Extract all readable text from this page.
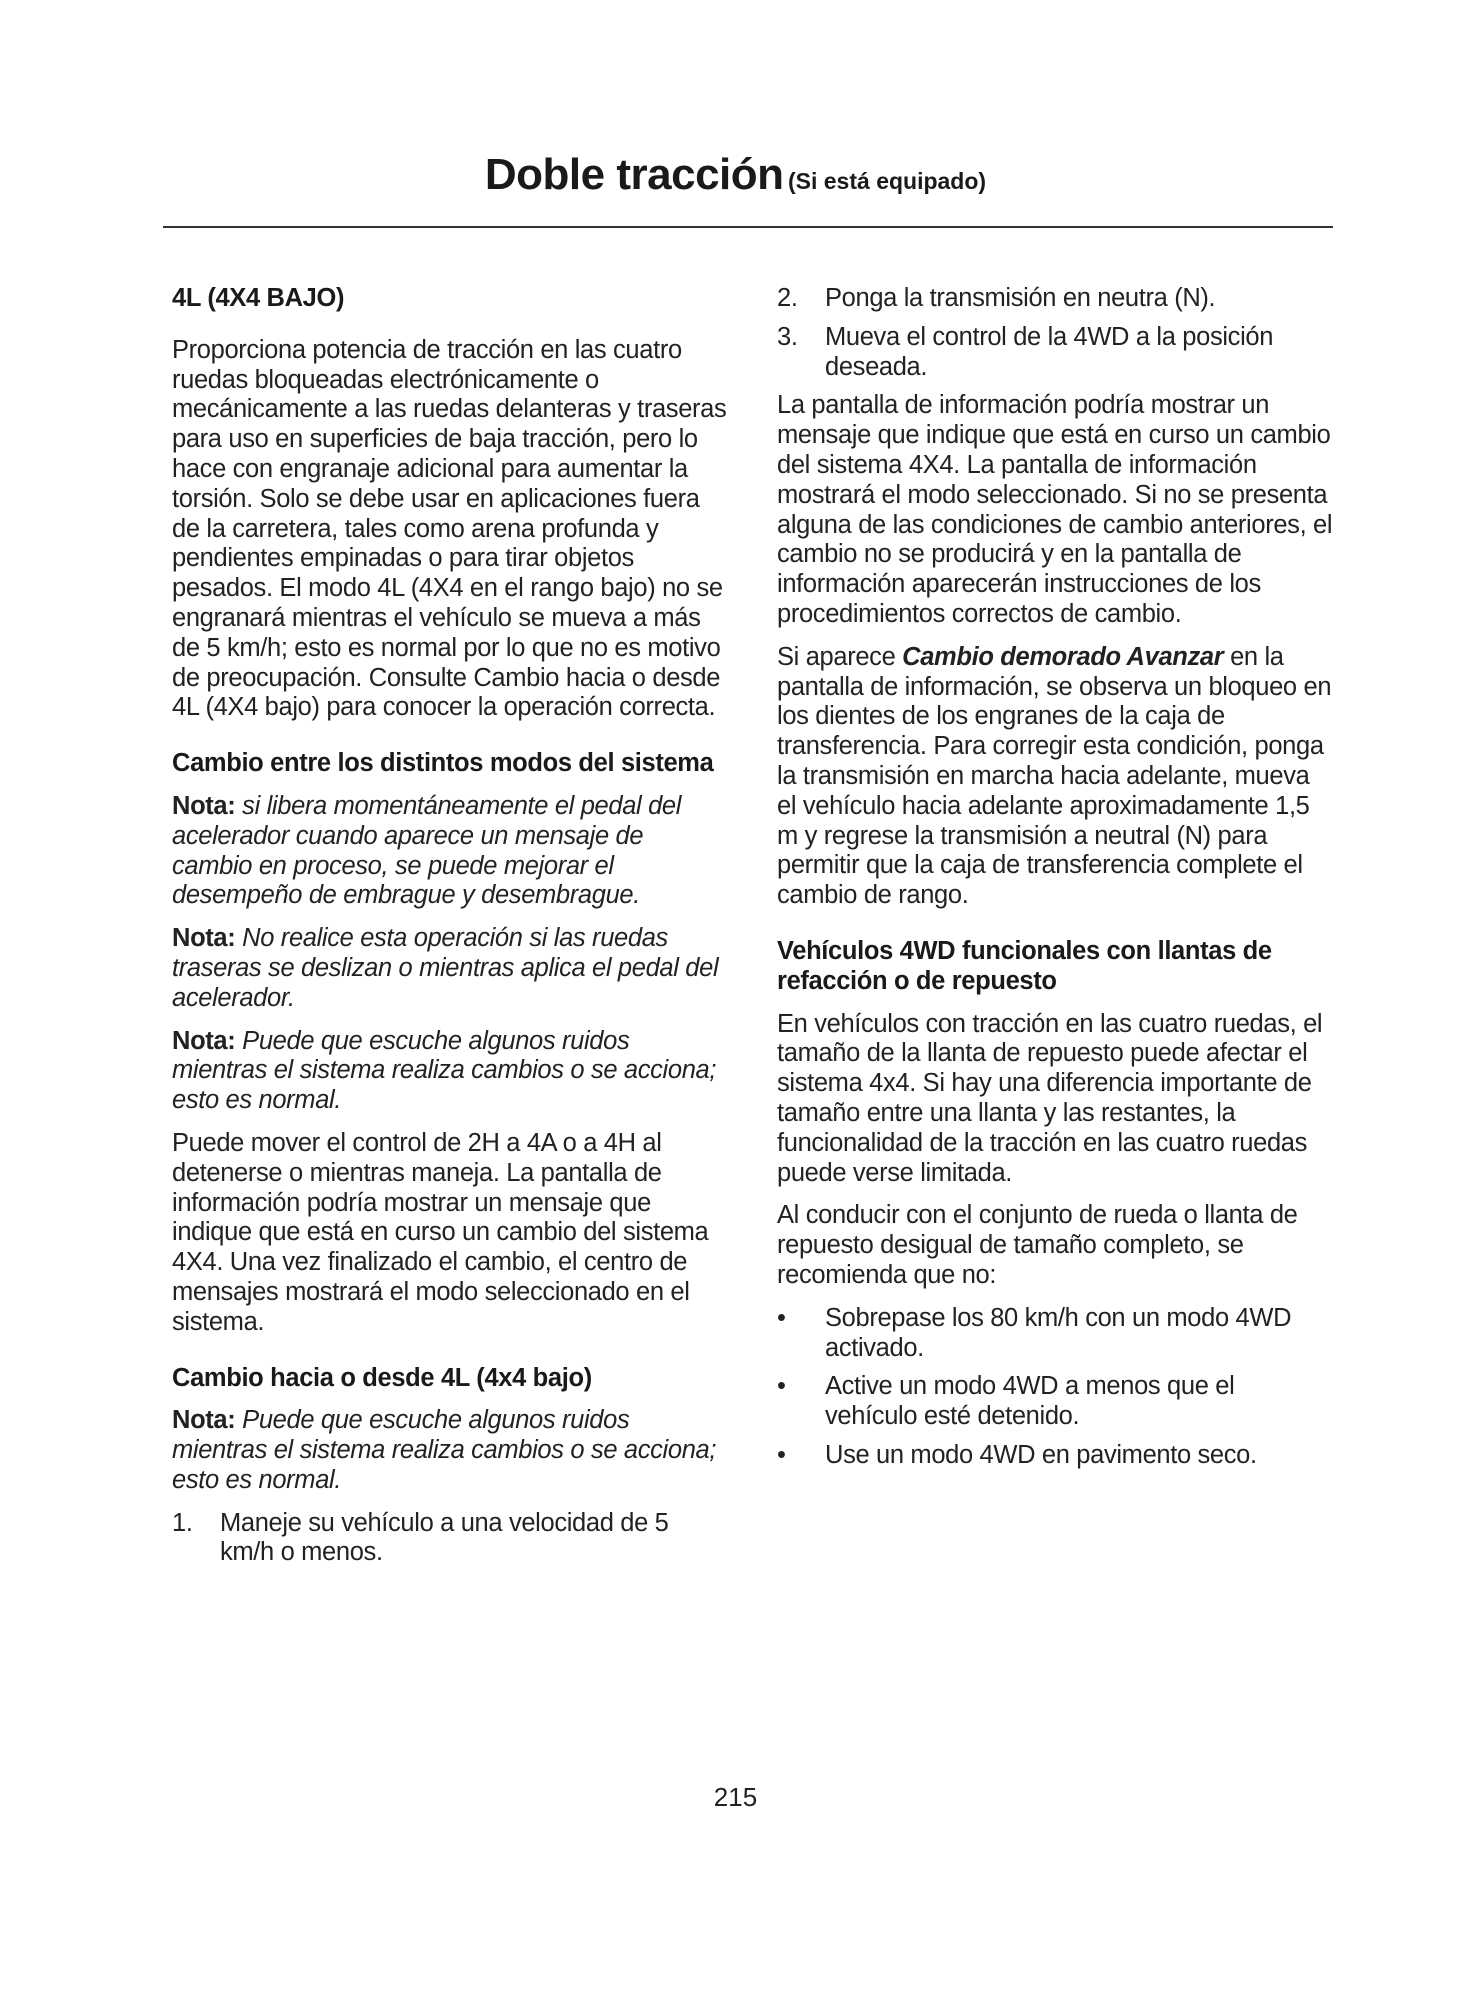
Doble tracción (Si está equipado)
4L (4X4 BAJO)

Proporciona potencia de tracción en las cuatro ruedas bloqueadas electrónicamente o mecánicamente a las ruedas delanteras y traseras para uso en superficies de baja tracción, pero lo hace con engranaje adicional para aumentar la torsión. Solo se debe usar en aplicaciones fuera de la carretera, tales como arena profunda y pendientes empinadas o para tirar objetos pesados. El modo 4L (4X4 en el rango bajo) no se engranará mientras el vehículo se mueva a más de 5 km/h; esto es normal por lo que no es motivo de preocupación. Consulte Cambio hacia o desde 4L (4X4 bajo) para conocer la operación correcta.

Cambio entre los distintos modos del sistema

Nota: si libera momentáneamente el pedal del acelerador cuando aparece un mensaje de cambio en proceso, se puede mejorar el desempeño de embrague y desembrague.

Nota: No realice esta operación si las ruedas traseras se deslizan o mientras aplica el pedal del acelerador.

Nota: Puede que escuche algunos ruidos mientras el sistema realiza cambios o se acciona; esto es normal.

Puede mover el control de 2H a 4A o a 4H al detenerse o mientras maneja. La pantalla de información podría mostrar un mensaje que indique que está en curso un cambio del sistema 4X4. Una vez finalizado el cambio, el centro de mensajes mostrará el modo seleccionado en el sistema.

Cambio hacia o desde 4L (4x4 bajo)

Nota: Puede que escuche algunos ruidos mientras el sistema realiza cambios o se acciona; esto es normal.

1.	Maneje su vehículo a una velocidad de 5 km/h o menos.
2.	Ponga la transmisión en neutra (N).
3.	Mueva el control de la 4WD a la posición deseada.

La pantalla de información podría mostrar un mensaje que indique que está en curso un cambio del sistema 4X4. La pantalla de información mostrará el modo seleccionado. Si no se presenta alguna de las condiciones de cambio anteriores, el cambio no se producirá y en la pantalla de información aparecerán instrucciones de los procedimientos correctos de cambio.

Si aparece Cambio demorado Avanzar en la pantalla de información, se observa un bloqueo en los dientes de los engranes de la caja de transferencia. Para corregir esta condición, ponga la transmisión en marcha hacia adelante, mueva el vehículo hacia adelante aproximadamente 1,5 m y regrese la transmisión a neutral (N) para permitir que la caja de transferencia complete el cambio de rango.

Vehículos 4WD funcionales con llantas de refacción o de repuesto

En vehículos con tracción en las cuatro ruedas, el tamaño de la llanta de repuesto puede afectar el sistema 4x4. Si hay una diferencia importante de tamaño entre una llanta y las restantes, la funcionalidad de la tracción en las cuatro ruedas puede verse limitada.

Al conducir con el conjunto de rueda o llanta de repuesto desigual de tamaño completo, se recomienda que no:

•	Sobrepase los 80 km/h con un modo 4WD activado.
•	Active un modo 4WD a menos que el vehículo esté detenido.
•	Use un modo 4WD en pavimento seco.
215
